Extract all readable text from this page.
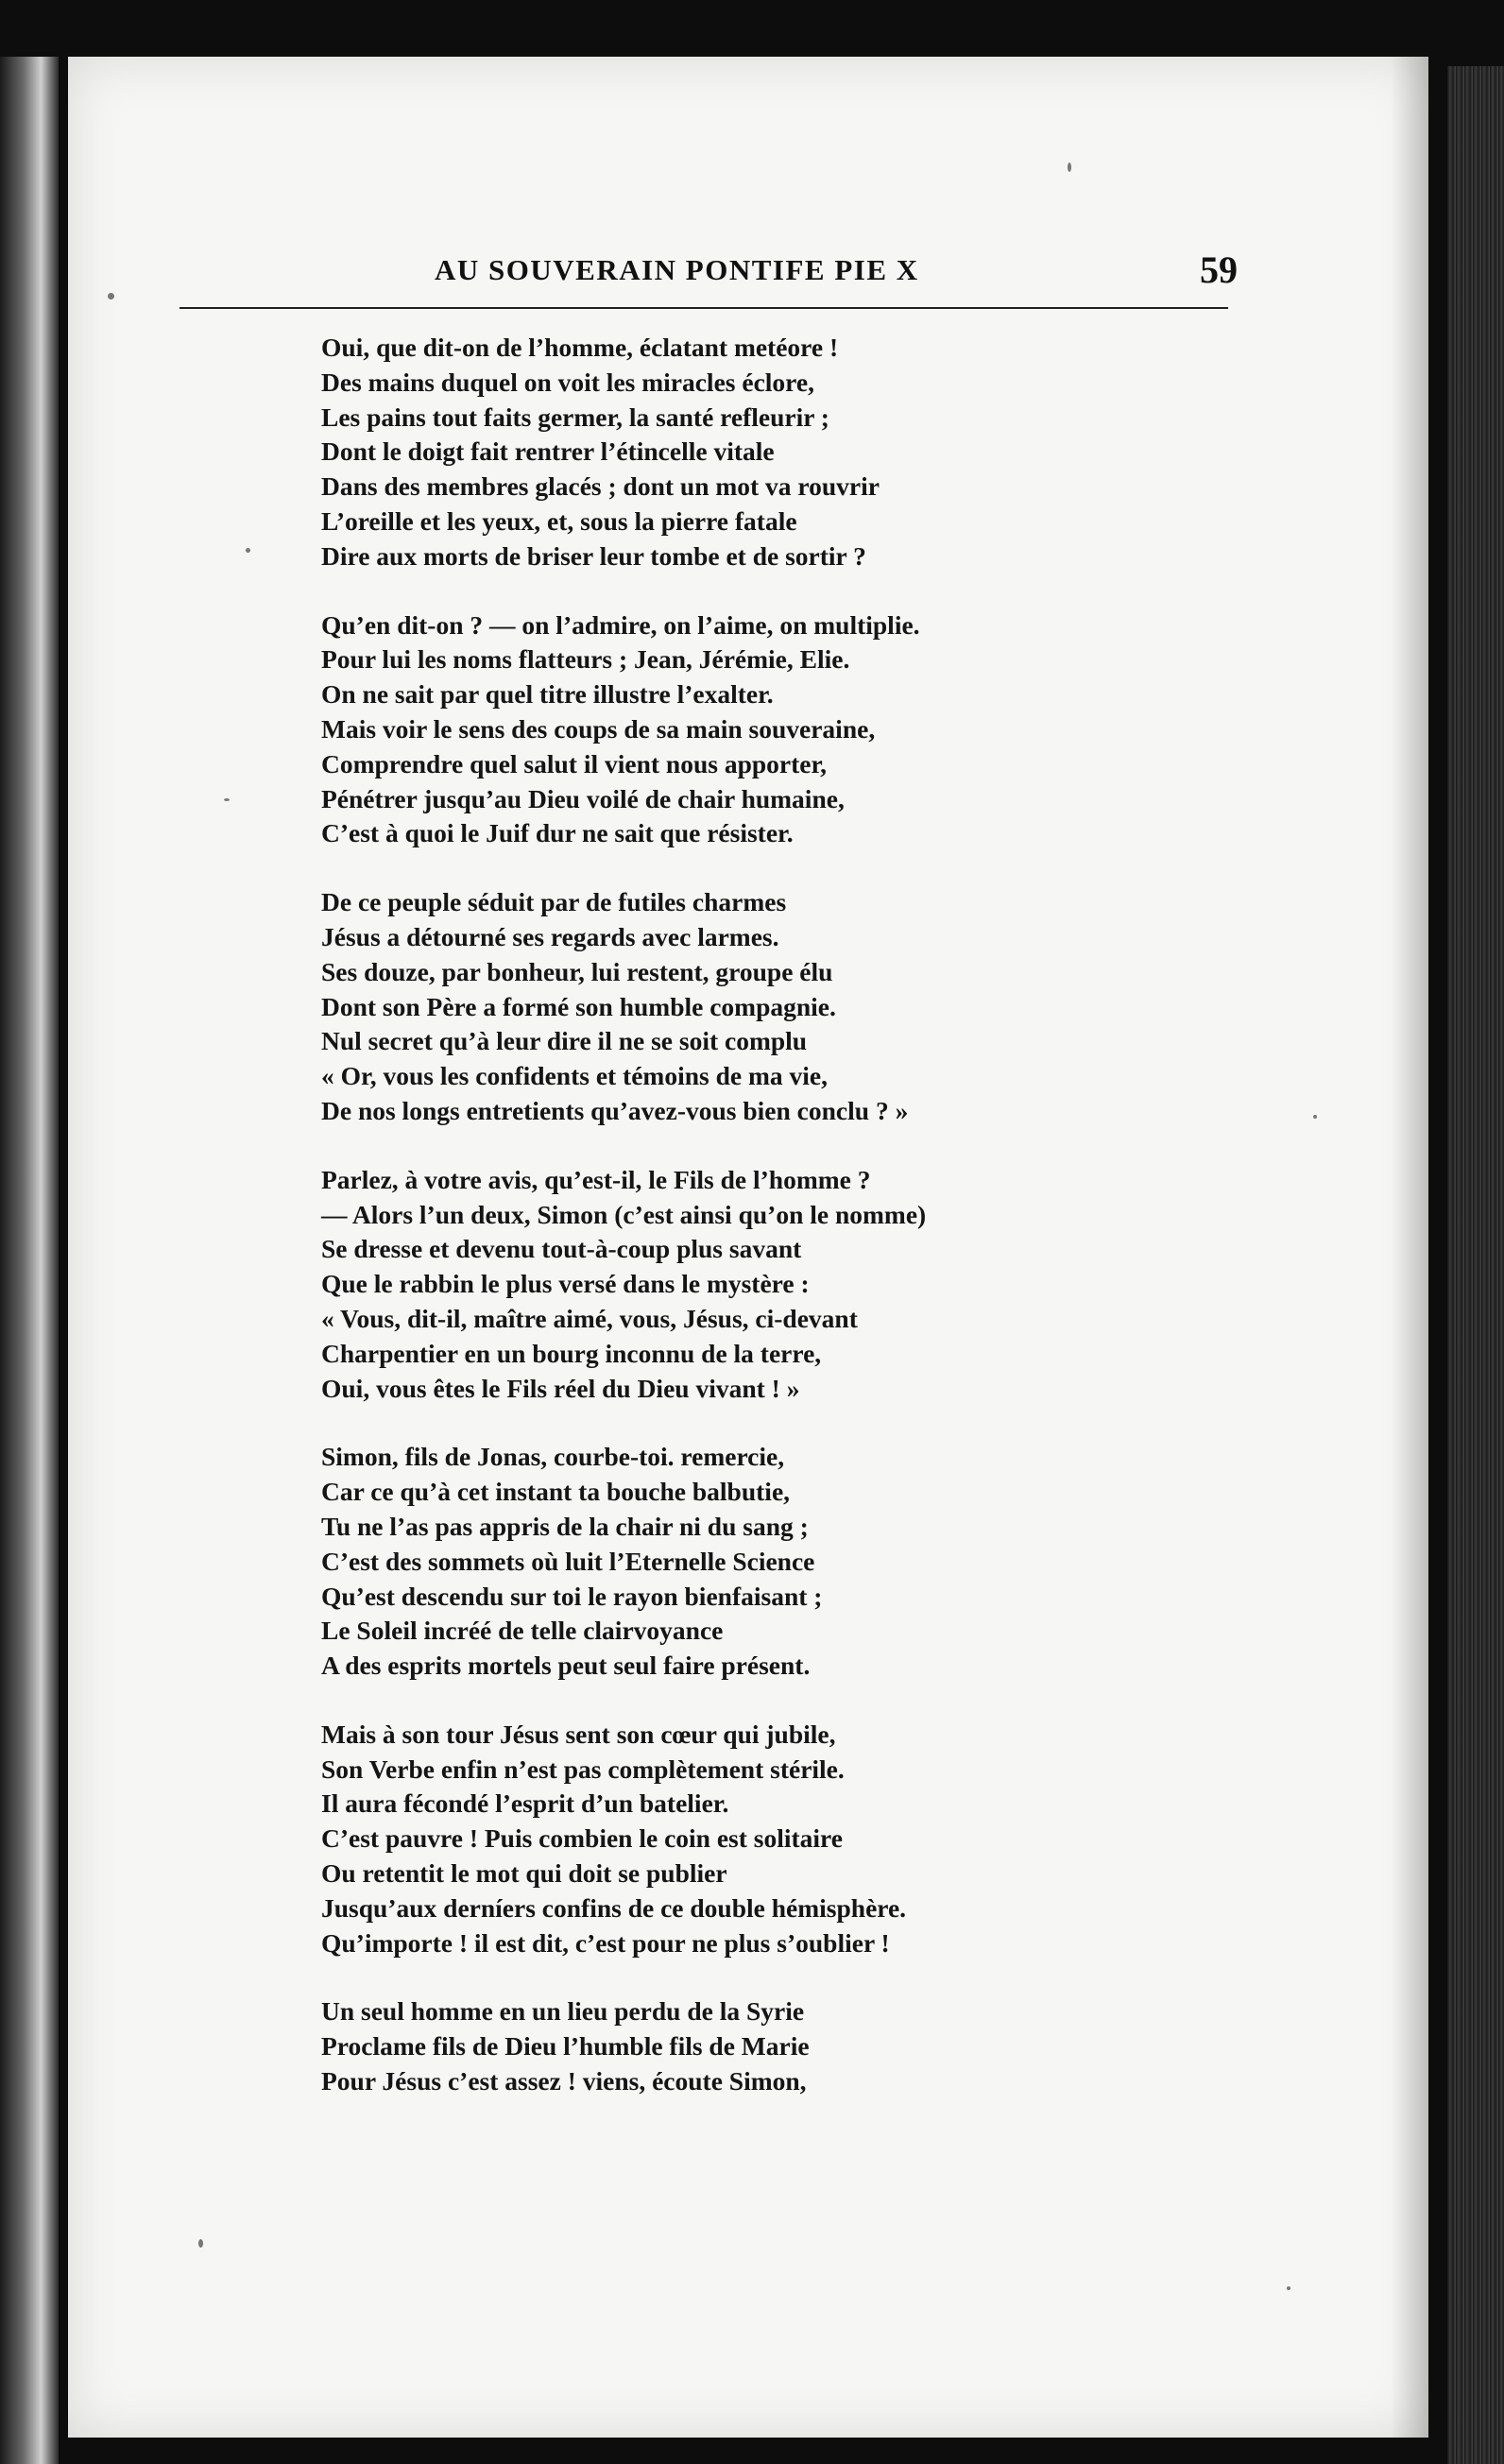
AU SOUVERAIN PONTIFE PIE X	59
Oui, que dit-on de l’homme, éclatant metéore !
Des mains duquel on voit les miracles éclore,
Les pains tout faits germer, la santé refleurir ;
Dont le doigt fait rentrer l’étincelle vitale
Dans des membres glacés ; dont un mot va rouvrir
L’oreille et les yeux, et, sous la pierre fatale
Dire aux morts de briser leur tombe et de sortir ?
Qu’en dit-on ? — on l’admire, on l’aime, on multiplie.
Pour lui les noms flatteurs ; Jean, Jérémie, Elie.
On ne sait par quel titre illustre l’exalter.
Mais voir le sens des coups de sa main souveraine,
Comprendre quel salut il vient nous apporter,
Pénétrer jusqu’au Dieu voilé de chair humaine,
C’est à quoi le Juif dur ne sait que résister.
De ce peuple séduit par de futiles charmes
Jésus a détourné ses regards avec larmes.
Ses douze, par bonheur, lui restent, groupe élu
Dont son Père a formé son humble compagnie.
Nul secret qu’à leur dire il ne se soit complu
« Or, vous les confidents et témoins de ma vie,
De nos longs entretients qu’avez-vous bien conclu ? »
Parlez, à votre avis, qu’est-il, le Fils de l’homme ?
— Alors l’un deux, Simon (c’est ainsi qu’on le nomme)
Se dresse et devenu tout-à-coup plus savant
Que le rabbin le plus versé dans le mystère :
« Vous, dit-il, maître aimé, vous, Jésus, ci-devant
Charpentier en un bourg inconnu de la terre,
Oui, vous êtes le Fils réel du Dieu vivant ! »
Simon, fils de Jonas, courbe-toi. remercie,
Car ce qu’à cet instant ta bouche balbutie,
Tu ne l’as pas appris de la chair ni du sang ;
C’est des sommets où luit l’Eternelle Science
Qu’est descendu sur toi le rayon bienfaisant ;
Le Soleil incréé de telle clairvoyance
A des esprits mortels peut seul faire présent.
Mais à son tour Jésus sent son cœur qui jubile,
Son Verbe enfin n’est pas complètement stérile.
Il aura fécondé l’esprit d’un batelier.
C’est pauvre ! Puis combien le coin est solitaire
Ou retentit le mot qui doit se publier
Jusqu’aux derníers confins de ce double hémisphère.
Qu’importe ! il est dit, c’est pour ne plus s’oublier !
Un seul homme en un lieu perdu de la Syrie
Proclame fils de Dieu l’humble fils de Marie
Pour Jésus c’est assez ! viens, écoute Simon,
